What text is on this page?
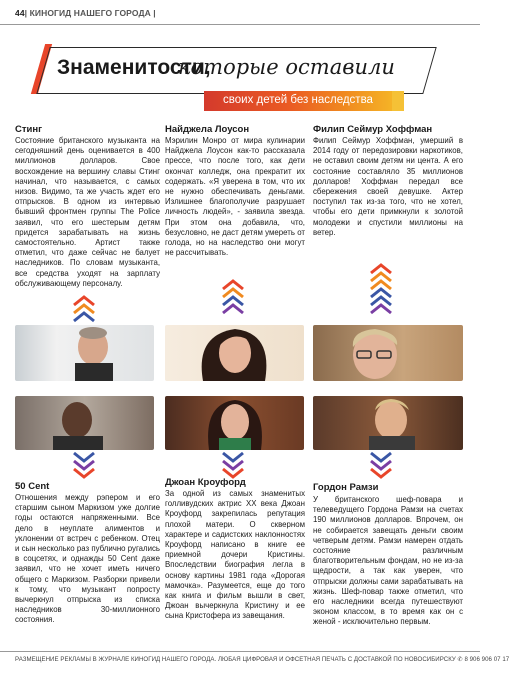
44| КИНОГИД НАШЕГО ГОРОДА |
Знаменитости,
которые оставили
своих детей без наследства
Стинг
Состояние британского музыканта на сегодняшний день оценивается в 400 миллионов долларов. Свое восхождение на вершину славы Стинг начинал, что называется, с самых низов. Видимо, та же участь ждет его отпрысков. В одном из интервью бывший фронтмен группы The Police заявил, что его шестерым детям придется зарабатывать на жизнь самостоятельно. Артист также отметил, что даже сейчас не балует наследников. По словам музыканта, все средства уходят на зарплату обслуживающему персоналу.
Найджела Лоусон
Мэрилин Монро от мира кулинарии Найджела Лоусон как-то рассказала прессе, что после того, как дети окончат колледж, она прекратит их содержать. «Я уверена в том, что их не нужно обеспечивать деньгами. Излишнее благополучие разрушает личность людей», - заявила звезда. При этом она добавила, что, безусловно, не даст детям умереть от голода, но на наследство они могут не рассчитывать.
Филип Сеймур Хоффман
Филип Сеймур Хоффман, умерший в 2014 году от передозировки наркотиков, не оставил своим детям ни цента. А его состояние составляло 35 миллионов долларов! Хоффман передал все сбережения своей девушке. Актер поступил так из-за того, что не хотел, чтобы его дети примкнули к золотой молодежи и спустили миллионы на ветер.
50 Cent
Отношения между рэпером и его старшим сыном Маркизом уже долгие годы остаются напряженными. Все дело в неуплате алиментов и уклонении от встреч с ребенком. Отец и сын несколько раз публично ругались в соцсетях, и однажды 50 Cent даже заявил, что не хочет иметь ничего общего с Маркизом. Разборки привели к тому, что музыкант попросту вычеркнул отпрыска из списка наследников 30-миллионного состояния.
Джоан Кроуфорд
За одной из самых знаменитых голливудских актрис XX века Джоан Кроуфорд закрепилась репутация плохой матери. О скверном характере и садистских наклонностях Кроуфорд написано в книге ее приемной дочери Кристины. Впоследствии биография легла в основу картины 1981 года «Дорогая мамочка». Разумеется, еще до того как книга и фильм вышли в свет, Джоан вычеркнула Кристину и ее сына Кристофера из завещания.
Гордон Рамзи
У британского шеф-повара и телеведущего Гордона Рамзи на счетах 190 миллионов долларов. Впрочем, он не собирается завещать деньги своим четверым детям. Рамзи намерен отдать состояние различным благотворительным фондам, но не из-за щедрости, а так как уверен, что отпрыски должны сами зарабатывать на жизнь. Шеф-повар также отметил, что его наследники всегда путешествуют эконом классом, в то время как он с женой - исключительно первым.
РАЗМЕЩЕНИЕ РЕКЛАМЫ В ЖУРНАЛЕ КИНОГИД НАШЕГО ГОРОДА. ЛЮБАЯ ЦИФРОВАЯ И ОФСЕТНАЯ ПЕЧАТЬ С ДОСТАВКОЙ ПО НОВОСИБИРСКУ ✆ 8 906 906 07 17
